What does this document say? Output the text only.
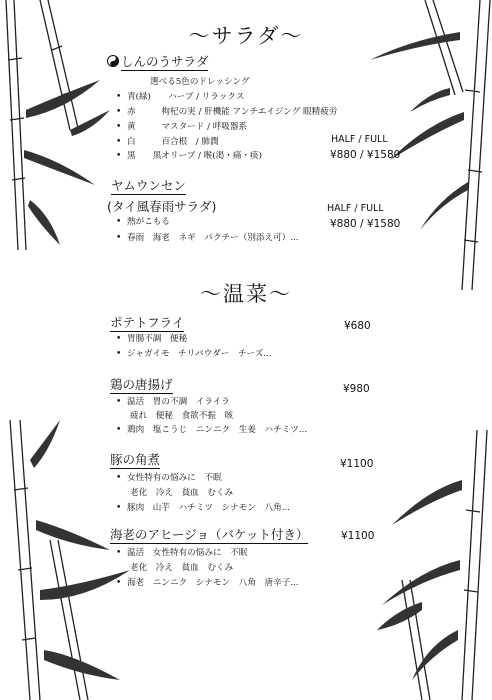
〜サラダ〜
しんのうサラダ
選べる5色のドレッシング
• 青(緑)　　ハーブ / リラックス
• 赤　　　枸杞の実 / 肝機能 アンチエイジング 眼精疲労
• 黄　　　マスタード / 呼吸器系
• 白　　　百合根　/ 肺潤
• 黒　　黒オリーブ / 喉(渇・痛・痰)
HALF / FULL
¥880 / ¥1580
ヤムウンセン
(タイ風春雨サラダ)	HALF / FULL
¥880 / ¥1580
• 熱がこもる
• 春雨　海老　ネギ　パクチー（別添え可）...
〜温菜〜
ポテトフライ	¥680
• 胃腸不調　便秘
• ジャガイモ　チリパウダー　チーズ...
鶏の唐揚げ	¥980
• 温活　胃の不調　イライラ
疲れ　便秘　食欲不振　咳
• 鶏肉　塩こうじ　ニンニク　生姜　ハチミツ...
豚の角煮	¥1100
• 女性特有の悩みに　不眠
老化　冷え　貧血　むくみ
• 豚肉　山芋　ハチミツ　シナモン　八角...
海老のアヒージョ（バケット付き）	¥1100
• 温活　女性特有の悩みに　不眠
老化　冷え　貧血　むくみ
• 海老　ニンニク　シナモン　八角　唐辛子...
